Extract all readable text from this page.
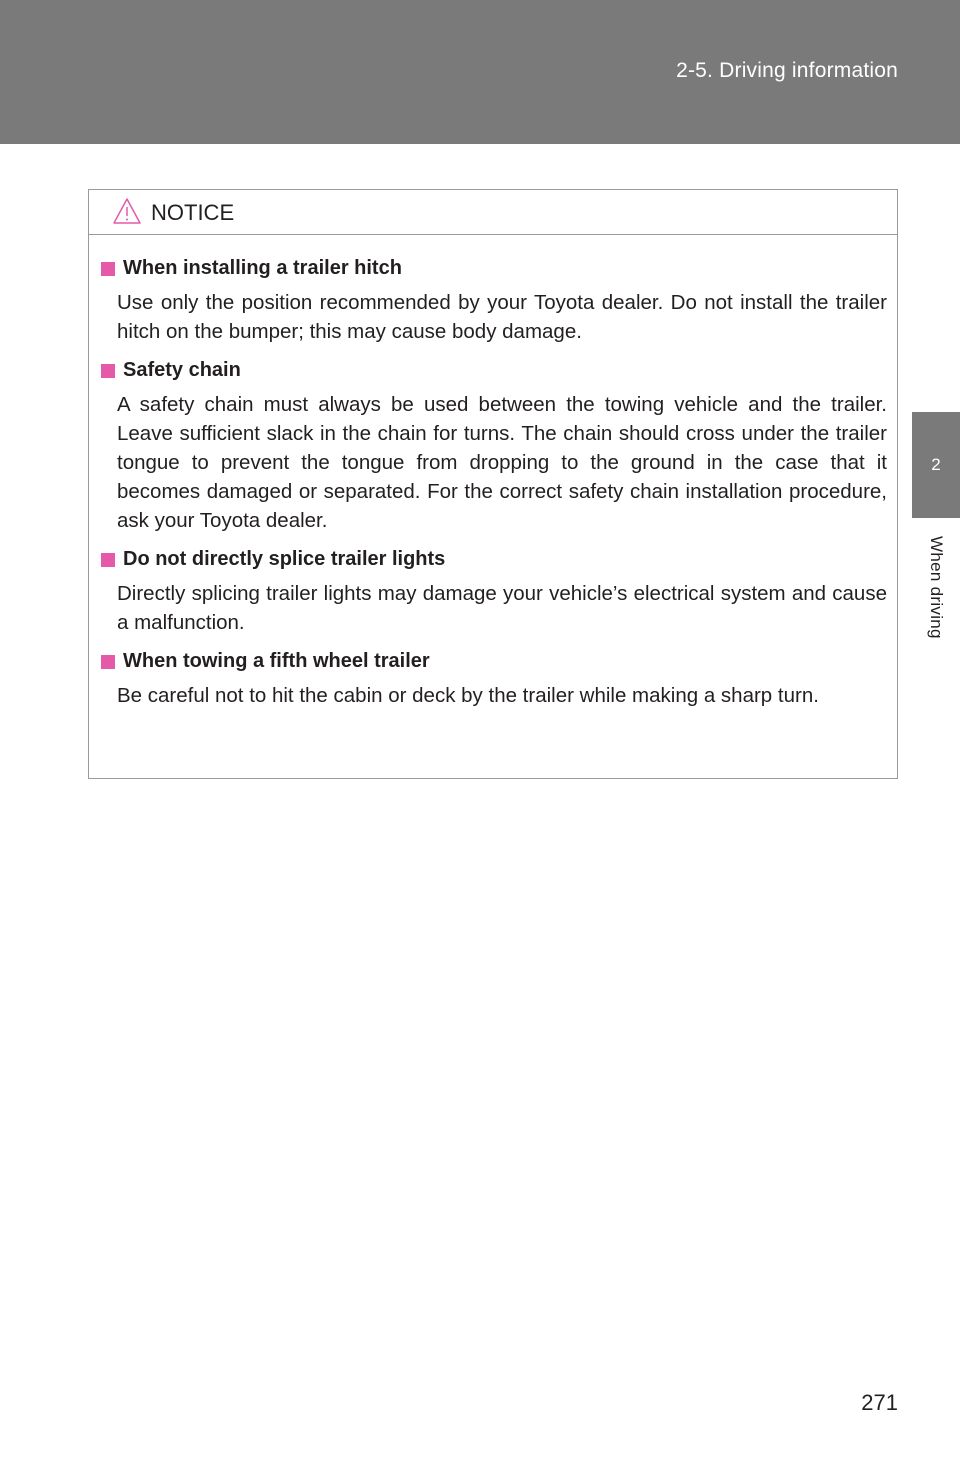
2-5. Driving information
2
When driving
NOTICE
When installing a trailer hitch
Use only the position recommended by your Toyota dealer. Do not install the trailer hitch on the bumper; this may cause body damage.
Safety chain
A safety chain must always be used between the towing vehicle and the trailer. Leave sufficient slack in the chain for turns. The chain should cross under the trailer tongue to prevent the tongue from dropping to the ground in the case that it becomes damaged or separated. For the correct safety chain installation procedure, ask your Toyota dealer.
Do not directly splice trailer lights
Directly splicing trailer lights may damage your vehicle’s electrical system and cause a malfunction.
When towing a fifth wheel trailer
Be careful not to hit the cabin or deck by the trailer while making a sharp turn.
271
